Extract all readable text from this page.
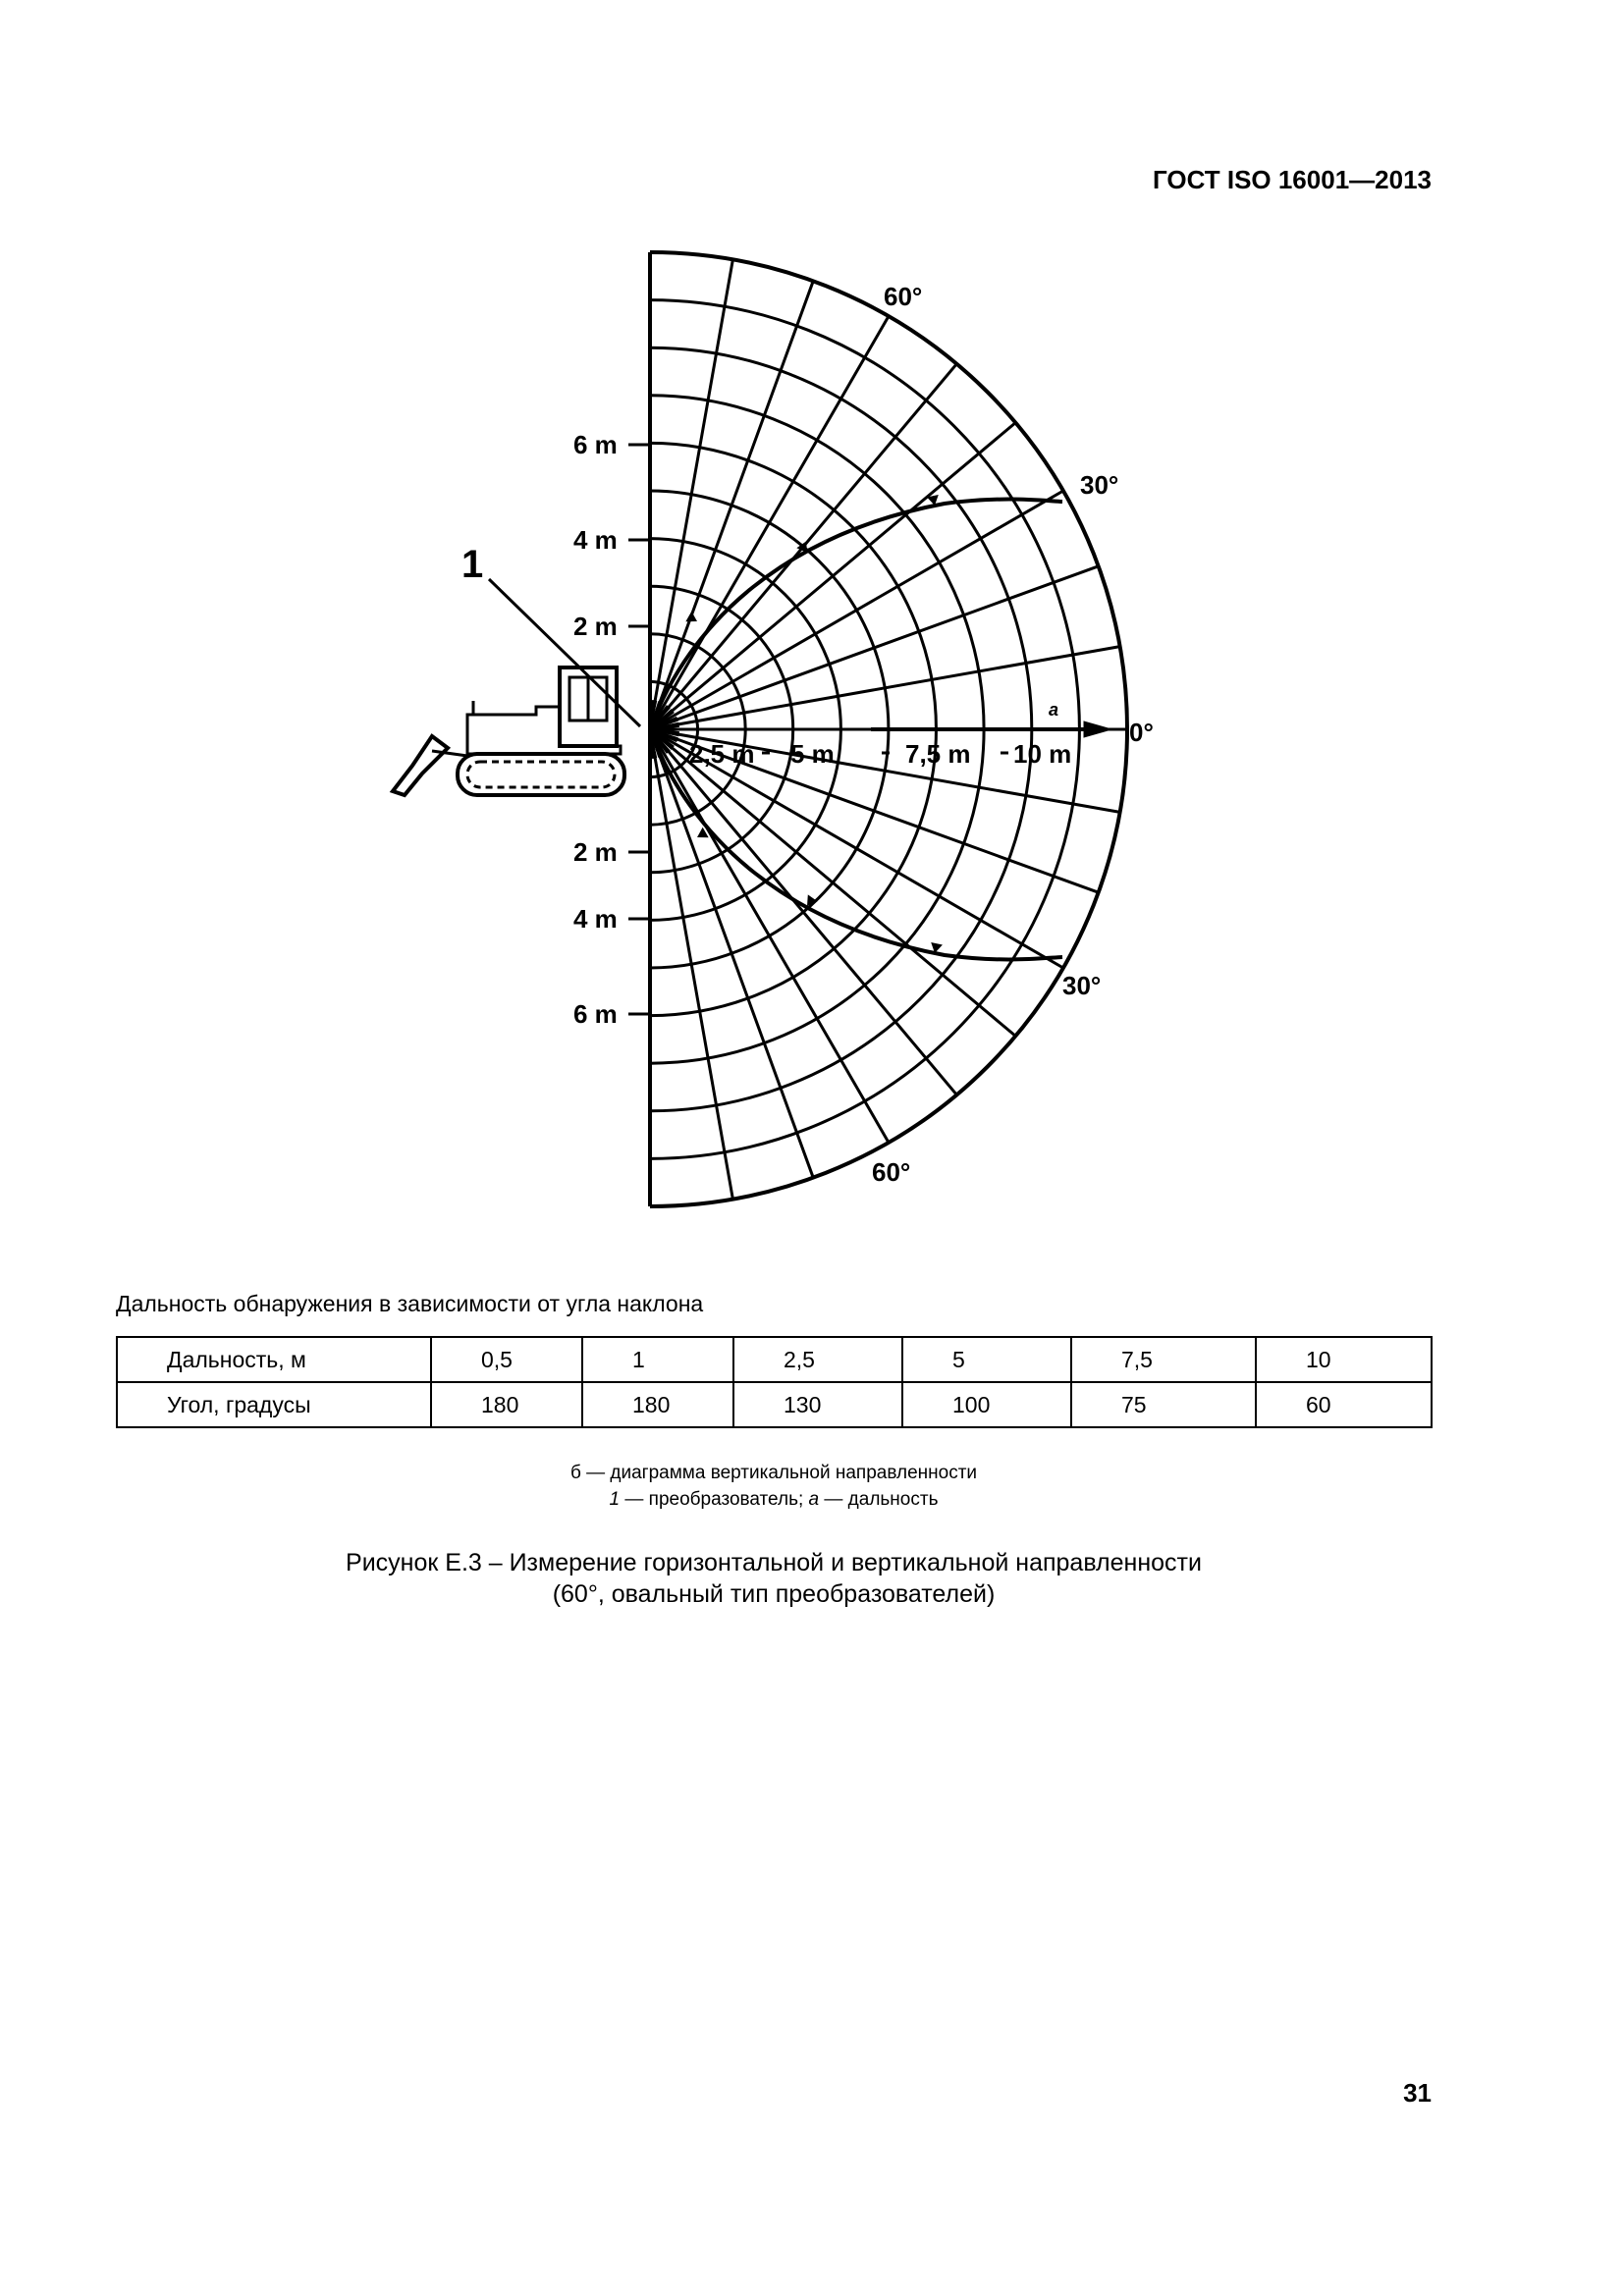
ГОСТ ISO 16001—2013
2,5 m 5 m	7,5 m 10 m
2 m
4 m
6 m
2 m
4 m
6 m
60°
30°
0°
30°
60°
a
1
Дальность обнаружения в зависимости от угла наклона
Дальность, м	0,5	1	2,5	5	7,5	10
Угол, градусы	180	180	130	100	75	60
б — диаграмма вертикальной направленности
1 — преобразователь; a — дальность
Рисунок Е.3 – Измерение горизонтальной и вертикальной направленности
(60°, овальный тип преобразователей)
31
